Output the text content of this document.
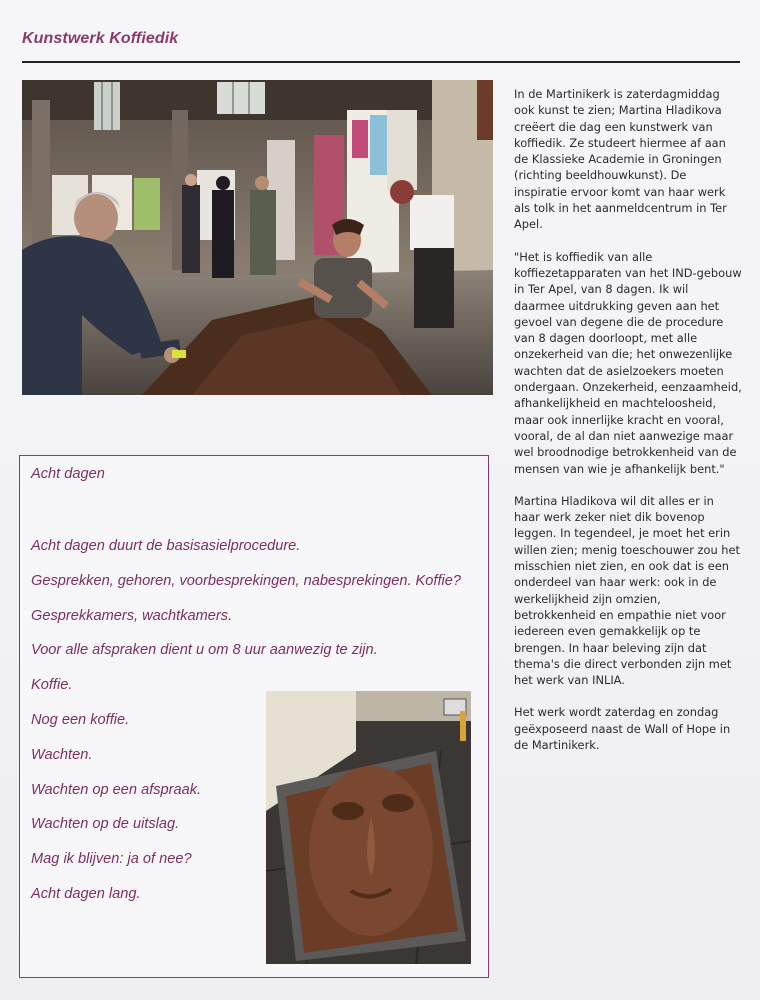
Kunstwerk Koffiedik

In de Martinikerk is zaterdagmiddag ook kunst te zien; Martina Hladikova creëert die dag een kunstwerk van koffiedik. Ze studeert hiermee af aan de Klassieke Academie in Groningen (richting beeldhouwkunst). De inspiratie ervoor komt van haar werk als tolk in het aanmeldcentrum in Ter Apel.

"Het is koffiedik van alle koffiezetapparaten van het IND-gebouw in Ter Apel, van 8 dagen. Ik wil daarmee uitdrukking geven aan het gevoel van degene die de procedure van 8 dagen doorloopt, met alle onzekerheid van die; het onwezenlijke wachten dat de asielzoekers moeten ondergaan. Onzekerheid, eenzaamheid, afhankelijkheid en machteloosheid, maar ook innerlijke kracht en vooral, vooral, de al dan niet aanwezige maar wel broodnodige betrokkenheid van de mensen van wie je afhankelijk bent."

Martina Hladikova wil dit alles er in haar werk zeker niet dik bovenop leggen. In tegendeel, je moet het erin willen zien; menig toeschouwer zou het misschien niet zien, en ook dat is een onderdeel van haar werk: ook in de werkelijkheid zijn omzien, betrokkenheid en empathie niet voor iedereen even gemakkelijk op te brengen. In haar beleving zijn dat thema's die direct verbonden zijn met het werk van INLIA.

Het werk wordt zaterdag en zondag geëxposeerd naast de Wall of Hope in de Martinikerk.

Acht dagen
Acht dagen duurt de basisasielprocedure.
Gesprekken, gehoren, voorbesprekingen, nabesprekingen. Koffie?
Gesprekkamers, wachtkamers.
Voor alle afspraken dient u om 8 uur aanwezig te zijn.
Koffie.
Nog een koffie.
Wachten.
Wachten op een afspraak.
Wachten op de uitslag.
Mag ik blijven: ja of nee?
Acht dagen lang.
